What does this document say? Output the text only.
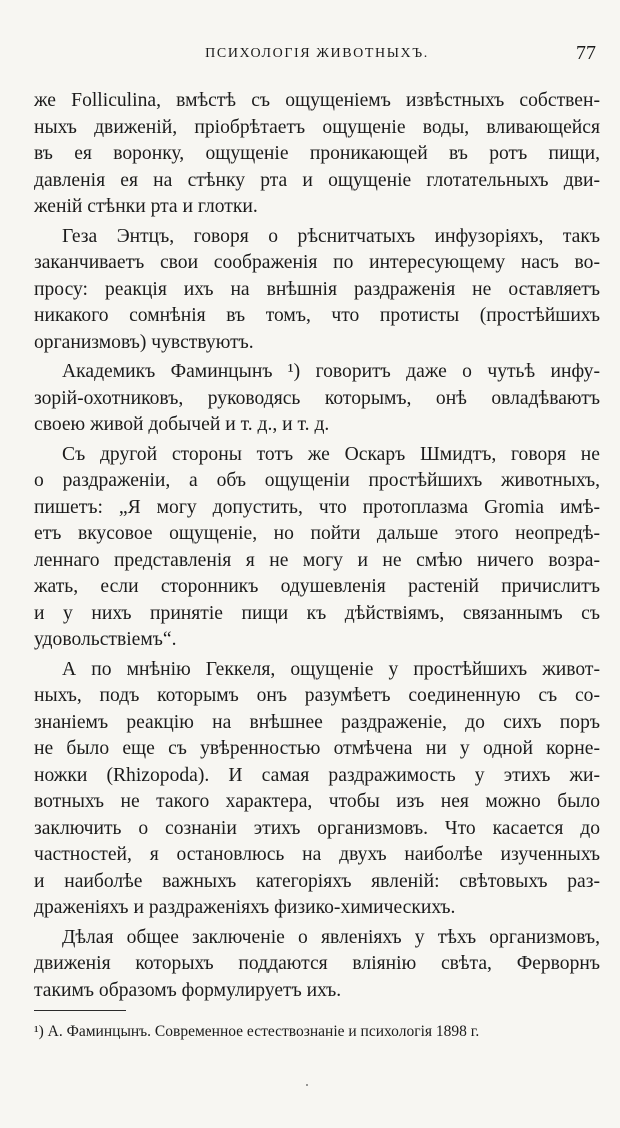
ПСИХОЛОГIЯ ЖИВОТНЫХЪ.	77
же Folliculina, вмѣстѣ съ ощущеніемъ извѣстныхъ собствен-
ныхъ движеній, пріобрѣтаетъ ощущеніе воды, вливающейся
въ ея воронку, ощущеніе проникающей въ ротъ пищи,
давленія ея на стѣнку рта и ощущеніе глотательныхъ дви-
женій стѣнки рта и глотки.
Геза Энтцъ, говоря о рѣснитчатыхъ инфузоріяхъ, такъ
заканчиваетъ свои соображенія по интересующему насъ во-
просу: реакція ихъ на внѣшнія раздраженія не оставляетъ
никакого сомнѣнія въ томъ, что протисты (простѣйшихъ
организмовъ) чувствуютъ.
Академикъ Фаминцынъ ¹) говоритъ даже о чутьѣ инфу-
зорій-охотниковъ, руководясь которымъ, онѣ овладѣваютъ
своею живой добычей и т. д., и т. д.
Съ другой стороны тотъ же Оскаръ Шмидтъ, говоря не
о раздраженіи, а объ ощущеніи простѣйшихъ животныхъ,
пишетъ: „Я могу допустить, что протоплазма Gromia имѣ-
етъ вкусовое ощущеніе, но пойти дальше этого неопредѣ-
леннаго представленія я не могу и не смѣю ничего возра-
жать, если сторонникъ одушевленія растеній причислитъ
и у нихъ принятіе пищи къ дѣйствіямъ, связаннымъ съ
удовольствіемъ“.
А по мнѣнію Геккеля, ощущеніе у простѣйшихъ живот-
ныхъ, подъ которымъ онъ разумѣетъ соединенную съ со-
знаніемъ реакцію на внѣшнее раздраженіе, до сихъ поръ
не было еще съ увѣренностью отмѣчена ни у одной корне-
ножки (Rhizopoda). И самая раздражимость у этихъ жи-
вотныхъ не такого характера, чтобы изъ нея можно было
заключить о сознаніи этихъ организмовъ. Что касается до
частностей, я остановлюсь на двухъ наиболѣе изученныхъ
и наиболѣе важныхъ категоріяхъ явленій: свѣтовыхъ раз-
драженіяхъ и раздраженіяхъ физико-химическихъ.
Дѣлая общее заключеніе о явленіяхъ у тѣхъ организмовъ,
движенія которыхъ поддаются вліянію свѣта, Ферворнъ
такимъ образомъ формулируетъ ихъ.
¹) А. Фаминцынъ. Современное естествознаніе и психологія 1898 г.
